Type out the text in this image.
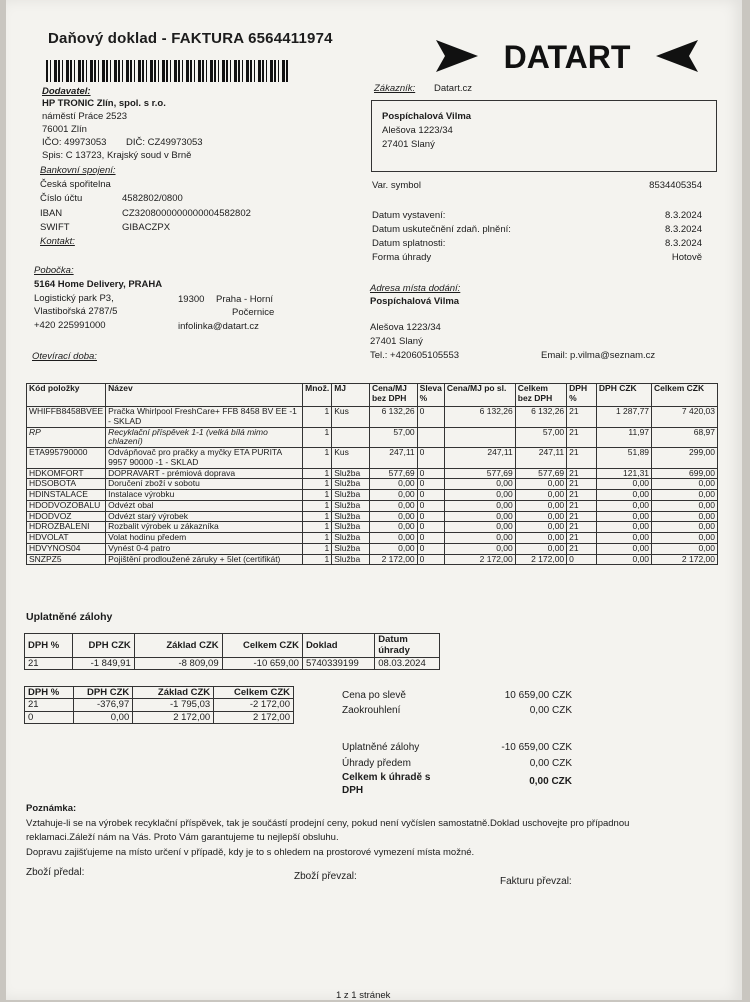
Daňový doklad - FAKTURA 6564411974
DATART
Dodavatel:
HP TRONIC Zlín, spol. s r.o.
náměstí Práce 2523
76001 Zlín
IČO: 49973053 DIČ: CZ49973053
Spis: C 13723, Krajský soud v Brně
Bankovní spojení:
Česká spořitelna
Číslo účtu	4582802/0800
IBAN	CZ3208000000000004582802
SWIFT	GIBACZPX
Kontakt:
Pobočka:
5164 Home Delivery, PRAHA
Logistický park P3,
Vlastibořská 2787/5
19300 Praha - Horní
Počernice
+420 225991000	infolinka@datart.cz
Otevírací doba:
Zákazník: Datart.cz
Pospíchalová Vilma
Alešova 1223/34
27401 Slaný
Var. symbol	8534405354
Datum vystavení:	8.3.2024
Datum uskutečnění zdaň. plnění:	8.3.2024
Datum splatnosti:	8.3.2024
Forma úhrady	Hotově
Adresa místa dodání:
Pospíchalová Vilma
Alešova 1223/34
27401 Slaný
Tel.: +420605105553	Email: p.vilma@seznam.cz
Kód položky	Název	Množ.	MJ	Cena/MJ bez DPH	Sleva %	Cena/MJ po sl.	Celkem bez DPH	DPH %	DPH CZK	Celkem CZK
WHIFFB8458BVEE	Pračka Whirlpool FreshCare+ FFB 8458 BV EE -1 - SKLAD	1	Kus	6 132,26	0	6 132,26	6 132,26	21	1 287,77	7 420,03
RP	Recyklační příspěvek 1-1 (velká bílá mimo chlazení)	1		57,00			57,00	21	11,97	68,97
ETA995790000	Odvápňovač pro pračky a myčky ETA PURITA 9957 90000 -1 - SKLAD	1	Kus	247,11	0	247,11	247,11	21	51,89	299,00
HDKOMFORT	DOPRAVART - prémiová doprava	1	Služba	577,69	0	577,69	577,69	21	121,31	699,00
HDSOBOTA	Doručení zboží v sobotu	1	Služba	0,00	0	0,00	0,00	21	0,00	0,00
HDINSTALACE	Instalace výrobku	1	Služba	0,00	0	0,00	0,00	21	0,00	0,00
HDODVOZOBALU	Odvézt obal	1	Služba	0,00	0	0,00	0,00	21	0,00	0,00
HDODVOZ	Odvézt starý výrobek	1	Služba	0,00	0	0,00	0,00	21	0,00	0,00
HDROZBALENI	Rozbalit výrobek u zákazníka	1	Služba	0,00	0	0,00	0,00	21	0,00	0,00
HDVOLAT	Volat hodinu předem	1	Služba	0,00	0	0,00	0,00	21	0,00	0,00
HDVYNOS04	Vynést 0-4 patro	1	Služba	0,00	0	0,00	0,00	21	0,00	0,00
SNZPZ5	Pojištění prodloužené záruky + 5let (certifikát)	1	Služba	2 172,00	0	2 172,00	2 172,00	0	0,00	2 172,00
Uplatněné zálohy
DPH %	DPH CZK	Základ CZK	Celkem CZK	Doklad	Datum úhrady
21	-1 849,91	-8 809,09	-10 659,00	5740339199	08.03.2024
DPH %	DPH CZK	Základ CZK	Celkem CZK
21	-376,97	-1 795,03	-2 172,00
0	0,00	2 172,00	2 172,00
Cena po slevě	10 659,00 CZK
Zaokrouhlení	0,00 CZK
Uplatněné zálohy	-10 659,00 CZK
Úhrady předem	0,00 CZK
Celkem k úhradě s
DPH
0,00 CZK
Poznámka:
Vztahuje-li se na výrobek recyklační příspěvek, tak je součástí prodejní ceny, pokud není vyčíslen samostatně.Doklad uschovejte pro případnou
reklamaci.Záleží nám na Vás. Proto Vám garantujeme tu nejlepší obsluhu.
Dopravu zajišťujeme na místo určení v případě, kdy je to s ohledem na prostorové vymezení místa možné.
Zboží předal:	Zboží převzal:	Fakturu převzal:
1 z 1 stránek
